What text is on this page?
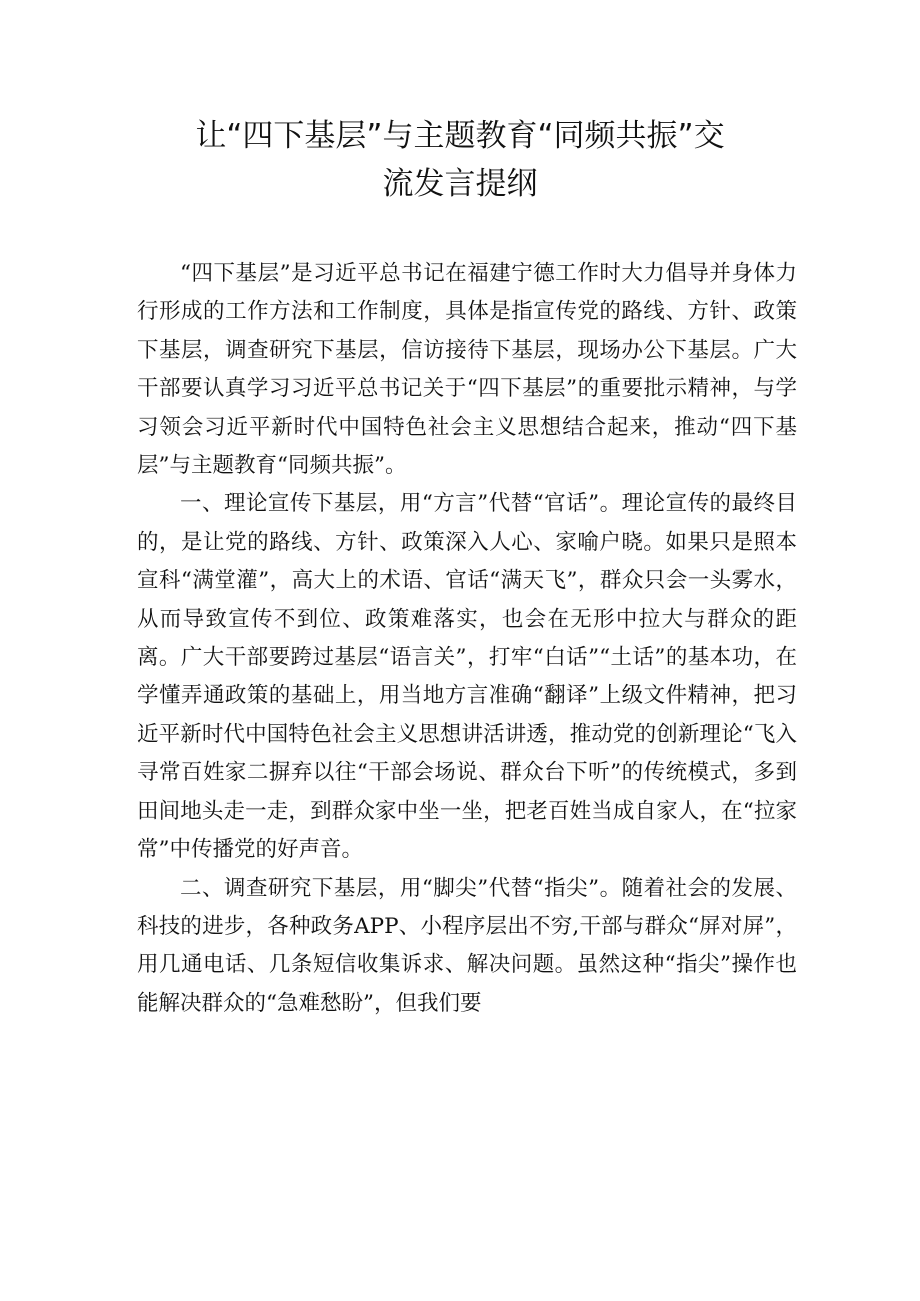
让“四下基层”与主题教育“同频共振”交
流发言提纲

“四下基层”是习近平总书记在福建宁德工作时大力倡导并身体力行形成的工作方法和工作制度，具体是指宣传党的路线、方针、政策下基层，调查研究下基层，信访接待下基层，现场办公下基层。广大干部要认真学习习近平总书记关于“四下基层”的重要批示精神，与学习领会习近平新时代中国特色社会主义思想结合起来，推动“四下基层”与主题教育“同频共振”。

一、理论宣传下基层，用“方言”代替“官话”。理论宣传的最终目的，是让党的路线、方针、政策深入人心、家喻户晓。如果只是照本宣科“满堂灌”，高大上的术语、官话“满天飞”，群众只会一头雾水，从而导致宣传不到位、政策难落实，也会在无形中拉大与群众的距离。广大干部要跨过基层“语言关”，打牢“白话”“土话”的基本功，在学懂弄通政策的基础上，用当地方言准确“翻译”上级文件精神，把习近平新时代中国特色社会主义思想讲活讲透，推动党的创新理论“飞入寻常百姓家二摒弃以往“干部会场说、群众台下听”的传统模式，多到田间地头走一走，到群众家中坐一坐，把老百姓当成自家人，在“拉家常”中传播党的好声音。

二、调查研究下基层，用“脚尖”代替“指尖”。随着社会的发展、科技的进步，各种政务APP、小程序层出不穷,干部与群众“屏对屏”，用几通电话、几条短信收集诉求、解决问题。虽然这种“指尖”操作也能解决群众的“急难愁盼”，但我们要
